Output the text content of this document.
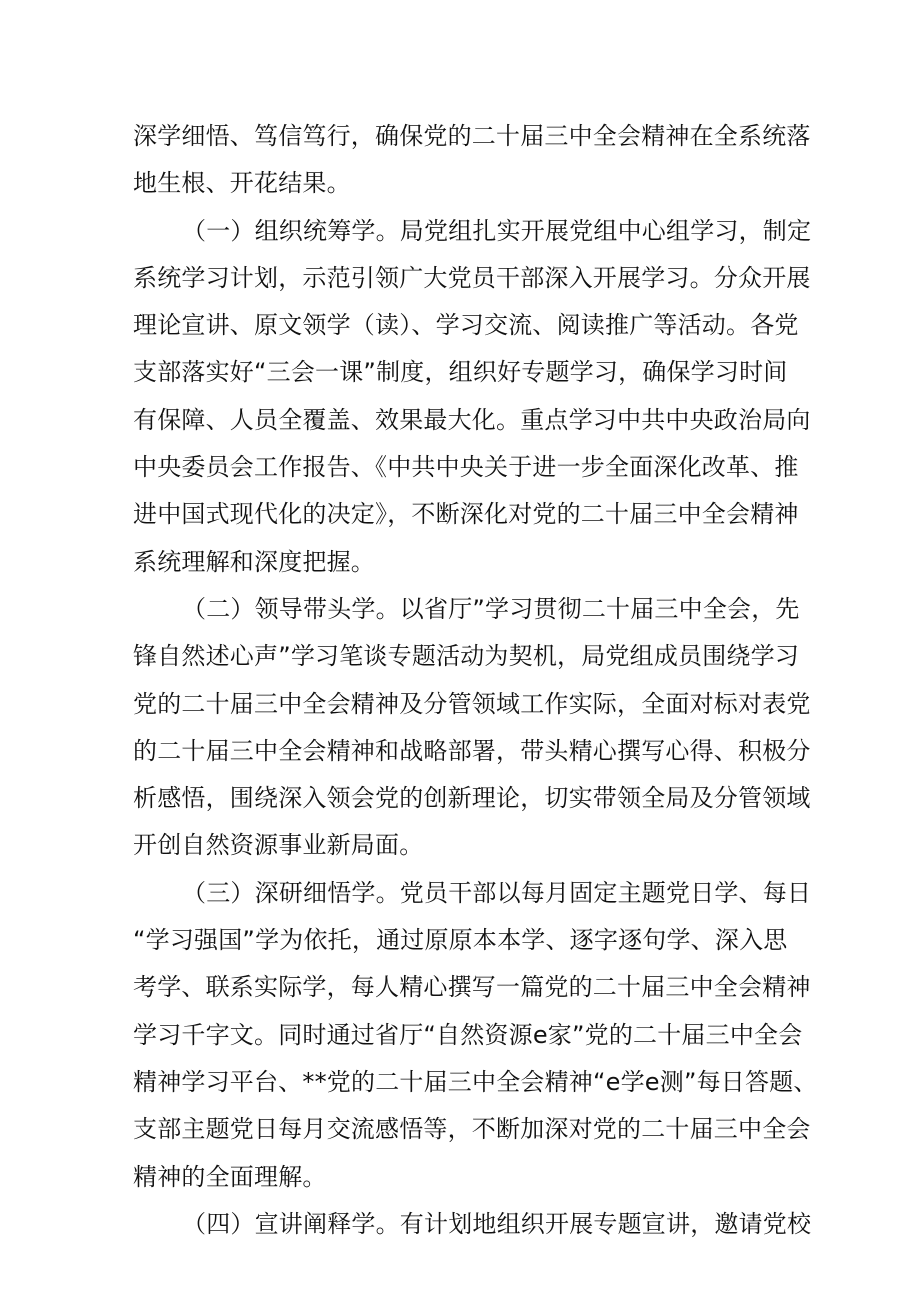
深学细悟、笃信笃行，确保党的二十届三中全会精神在全系统落
地生根、开花结果。
（一）组织统筹学。局党组扎实开展党组中心组学习，制定
系统学习计划，示范引领广大党员干部深入开展学习。分众开展
理论宣讲、原文领学（读）、学习交流、阅读推广等活动。各党
支部落实好“三会一课”制度，组织好专题学习，确保学习时间
有保障、人员全覆盖、效果最大化。重点学习中共中央政治局向
中央委员会工作报告、《中共中央关于进一步全面深化改革、推
进中国式现代化的决定》，不断深化对党的二十届三中全会精神
系统理解和深度把握。
（二）领导带头学。以省厅”学习贯彻二十届三中全会，先
锋自然述心声”学习笔谈专题活动为契机，局党组成员围绕学习
党的二十届三中全会精神及分管领域工作实际，全面对标对表党
的二十届三中全会精神和战略部署，带头精心撰写心得、积极分
析感悟，围绕深入领会党的创新理论，切实带领全局及分管领域
开创自然资源事业新局面。
（三）深研细悟学。党员干部以每月固定主题党日学、每日
“学习强国”学为依托，通过原原本本学、逐字逐句学、深入思
考学、联系实际学，每人精心撰写一篇党的二十届三中全会精神
学习千字文。同时通过省厅“自然资源e家”党的二十届三中全会
精神学习平台、**党的二十届三中全会精神“e学e测”每日答题、
支部主题党日每月交流感悟等，不断加深对党的二十届三中全会
精神的全面理解。
（四）宣讲阐释学。有计划地组织开展专题宣讲，邀请党校
